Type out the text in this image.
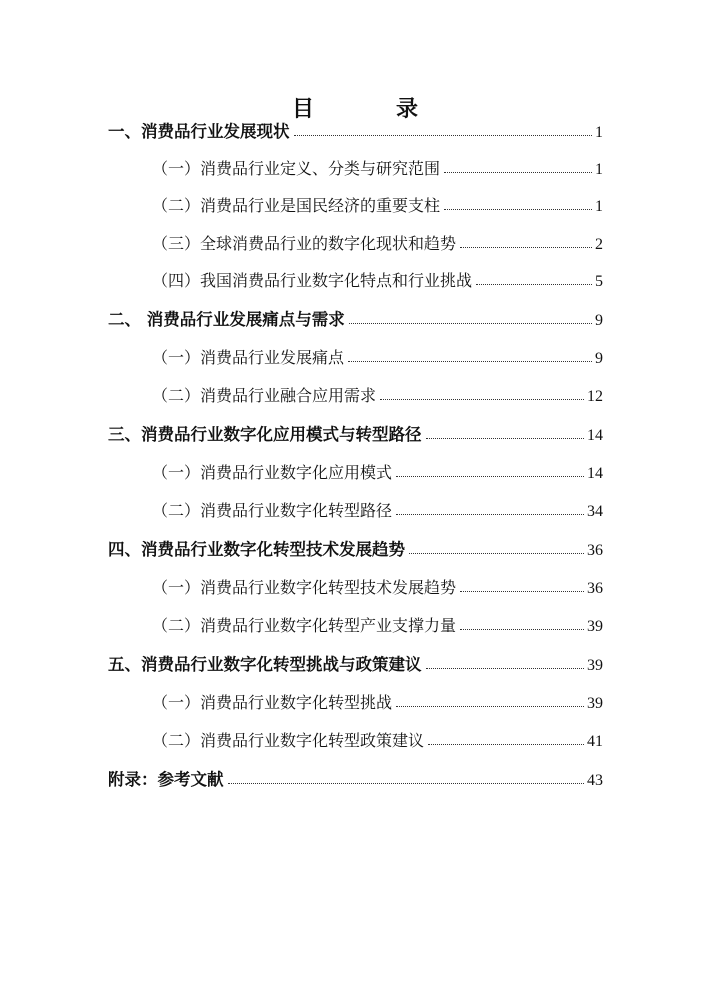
目　录
一、消费品行业发展现状	1
（一）消费品行业定义、分类与研究范围	1
（二）消费品行业是国民经济的重要支柱	1
（三）全球消费品行业的数字化现状和趋势	2
（四）我国消费品行业数字化特点和行业挑战	5
二、 消费品行业发展痛点与需求	9
（一）消费品行业发展痛点	9
（二）消费品行业融合应用需求	12
三、消费品行业数字化应用模式与转型路径	14
（一）消费品行业数字化应用模式	14
（二）消费品行业数字化转型路径	34
四、消费品行业数字化转型技术发展趋势	36
（一）消费品行业数字化转型技术发展趋势	36
（二）消费品行业数字化转型产业支撑力量	39
五、消费品行业数字化转型挑战与政策建议	39
（一）消费品行业数字化转型挑战	39
（二）消费品行业数字化转型政策建议	41
附录：参考文献	43
